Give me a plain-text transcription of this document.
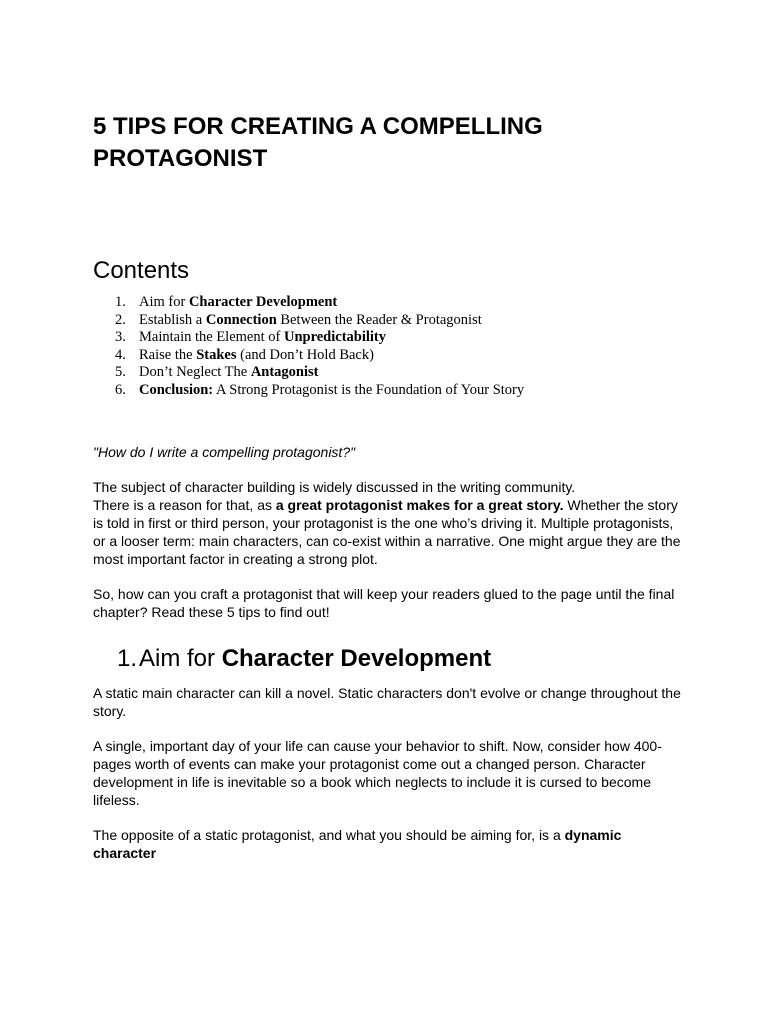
5 TIPS FOR CREATING A COMPELLING PROTAGONIST
Contents
1. Aim for Character Development
2. Establish a Connection Between the Reader & Protagonist
3. Maintain the Element of Unpredictability
4. Raise the Stakes (and Don’t Hold Back)
5. Don’t Neglect The Antagonist
6. Conclusion: A Strong Protagonist is the Foundation of Your Story

"How do I write a compelling protagonist?"

The subject of character building is widely discussed in the writing community.
There is a reason for that, as a great protagonist makes for a great story. Whether the story is told in first or third person, your protagonist is the one who’s driving it. Multiple protagonists, or a looser term: main characters, can co-exist within a narrative. One might argue they are the most important factor in creating a strong plot.

So, how can you craft a protagonist that will keep your readers glued to the page until the final chapter? Read these 5 tips to find out!

1.Aim for Character Development

A static main character can kill a novel. Static characters don't evolve or change throughout the story.

A single, important day of your life can cause your behavior to shift. Now, consider how 400-pages worth of events can make your protagonist come out a changed person. Character development in life is inevitable so a book which neglects to include it is cursed to become lifeless.

The opposite of a static protagonist, and what you should be aiming for, is a dynamic character
